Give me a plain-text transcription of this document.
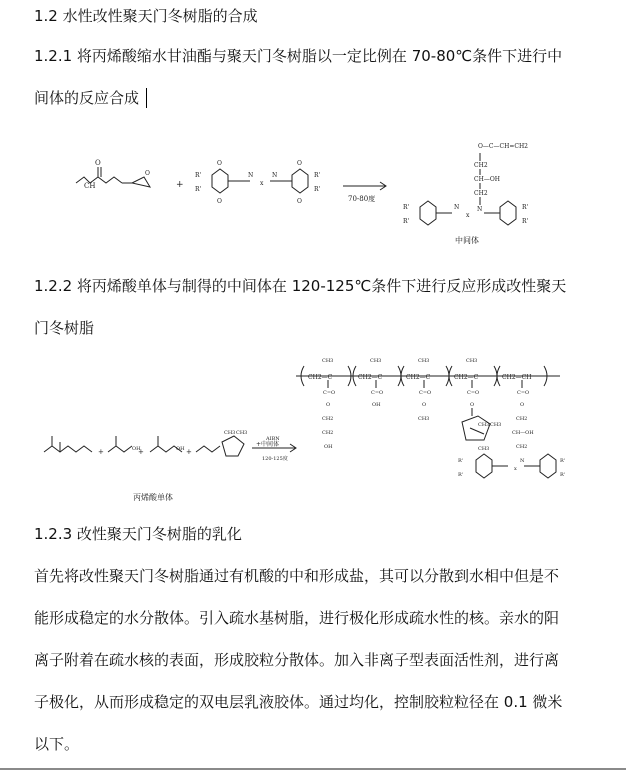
1.2 水性改性聚天门冬树脂的合成
1.2.1 将丙烯酸缩水甘油酯与聚天门冬树脂以一定比例在 70-80℃条件下进行中
间体的反应合成
CH
O
O
+
R'
R'
R'
R'
N
x
N
O
O
O
O	70-80度
O—C—CH=CH2
CH2
CH—OH
CH2
N
N
x
R'
R'
R'
R'
中间体
1.2.2 将丙烯酸单体与制得的中间体在 120-125℃条件下进行反应形成改性聚天
门冬树脂
CH2—C	CH2—C	CH2—C	CH2—C	CH2—CH
CH3	CH3	CH3	CH3
C=O	C=O	C=O	C=O	C=O
O	OH	O	O	O
CH2
CH2
OH
CH3	CH2
CH—OH
CH2
N
CH3 CH3
CH3
R'
R'
R'
R'
x
+	+	+
OH	OH
CH3 CH3
AIBN
+中间体
120-125度
丙烯酸单体
1.2.3 改性聚天门冬树脂的乳化
首先将改性聚天门冬树脂通过有机酸的中和形成盐，其可以分散到水相中但是不
能形成稳定的水分散体。引入疏水基树脂，进行极化形成疏水性的核。亲水的阳
离子附着在疏水核的表面，形成胶粒分散体。加入非离子型表面活性剂，进行离
子极化，从而形成稳定的双电层乳液胶体。通过均化，控制胶粒粒径在 0.1 微米
以下。
